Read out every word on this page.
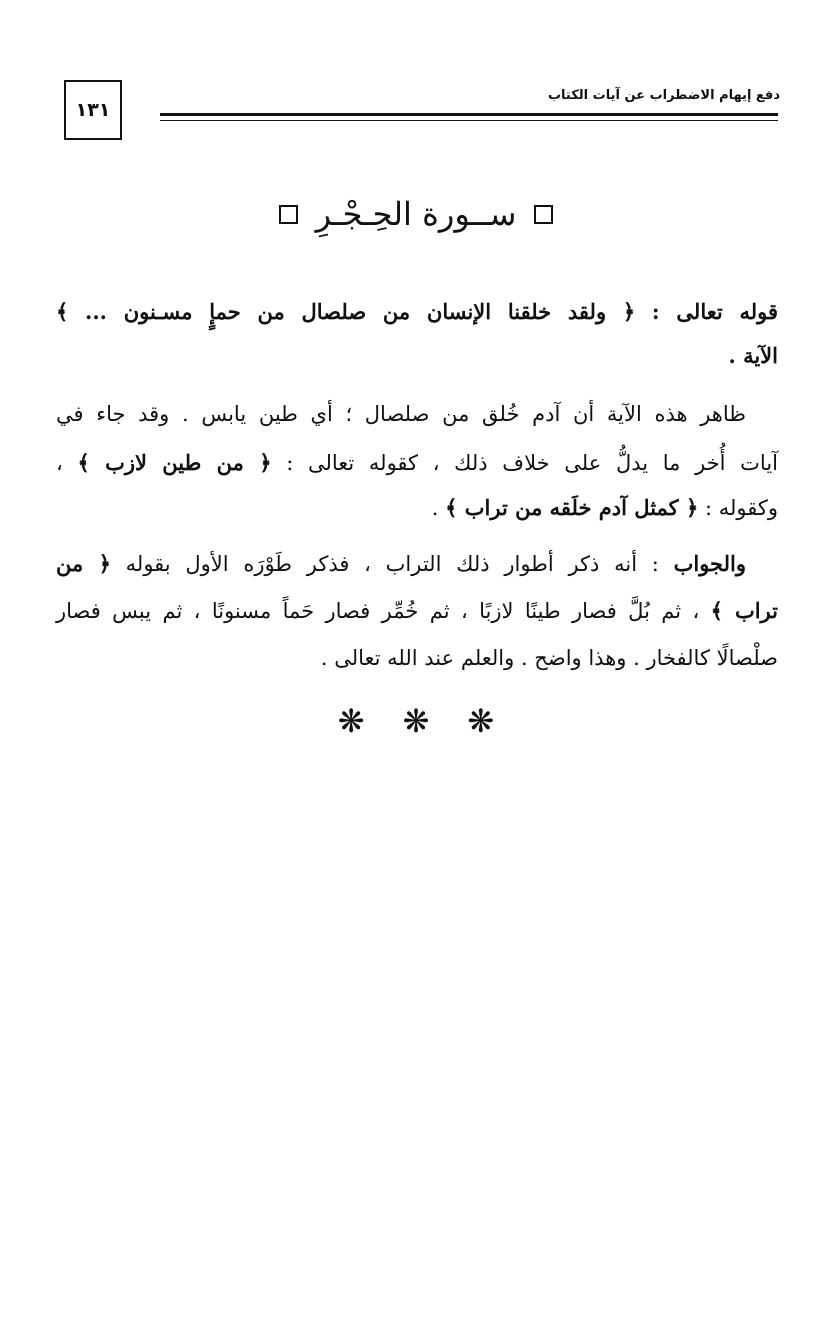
١٣١
دفع إيهام الاضطراب عن آيات الكتاب
ســورة الحِـجْـرِ
قوله تعالى : ﴿ ولقد خلقنا الإنسان من صلصال من حمإٍ مسـنون ... ﴾
الآية .
ظاهر هذه الآية أن آدم خُلق من صلصال ؛ أي طين يابس . وقد جاء في
آيات أُخر ما يدلُّ على خلاف ذلك ، كقوله تعالى : ﴿ من طين لازب ﴾ ،
وكقوله : ﴿ كمثل آدم خلَقه من تراب ﴾ .
والجواب : أنه ذكر أطوار ذلك التراب ، فذكر طَوْرَه الأول بقوله ﴿ من
تراب ﴾ ، ثم بُلَّ فصار طينًا لازبًا ، ثم خُمِّر فصار حَماً مسنونًا ، ثم يبس فصار
صلْصالًا كالفخار . وهذا واضح . والعلم عند الله تعالى .
❋
❋
❋
